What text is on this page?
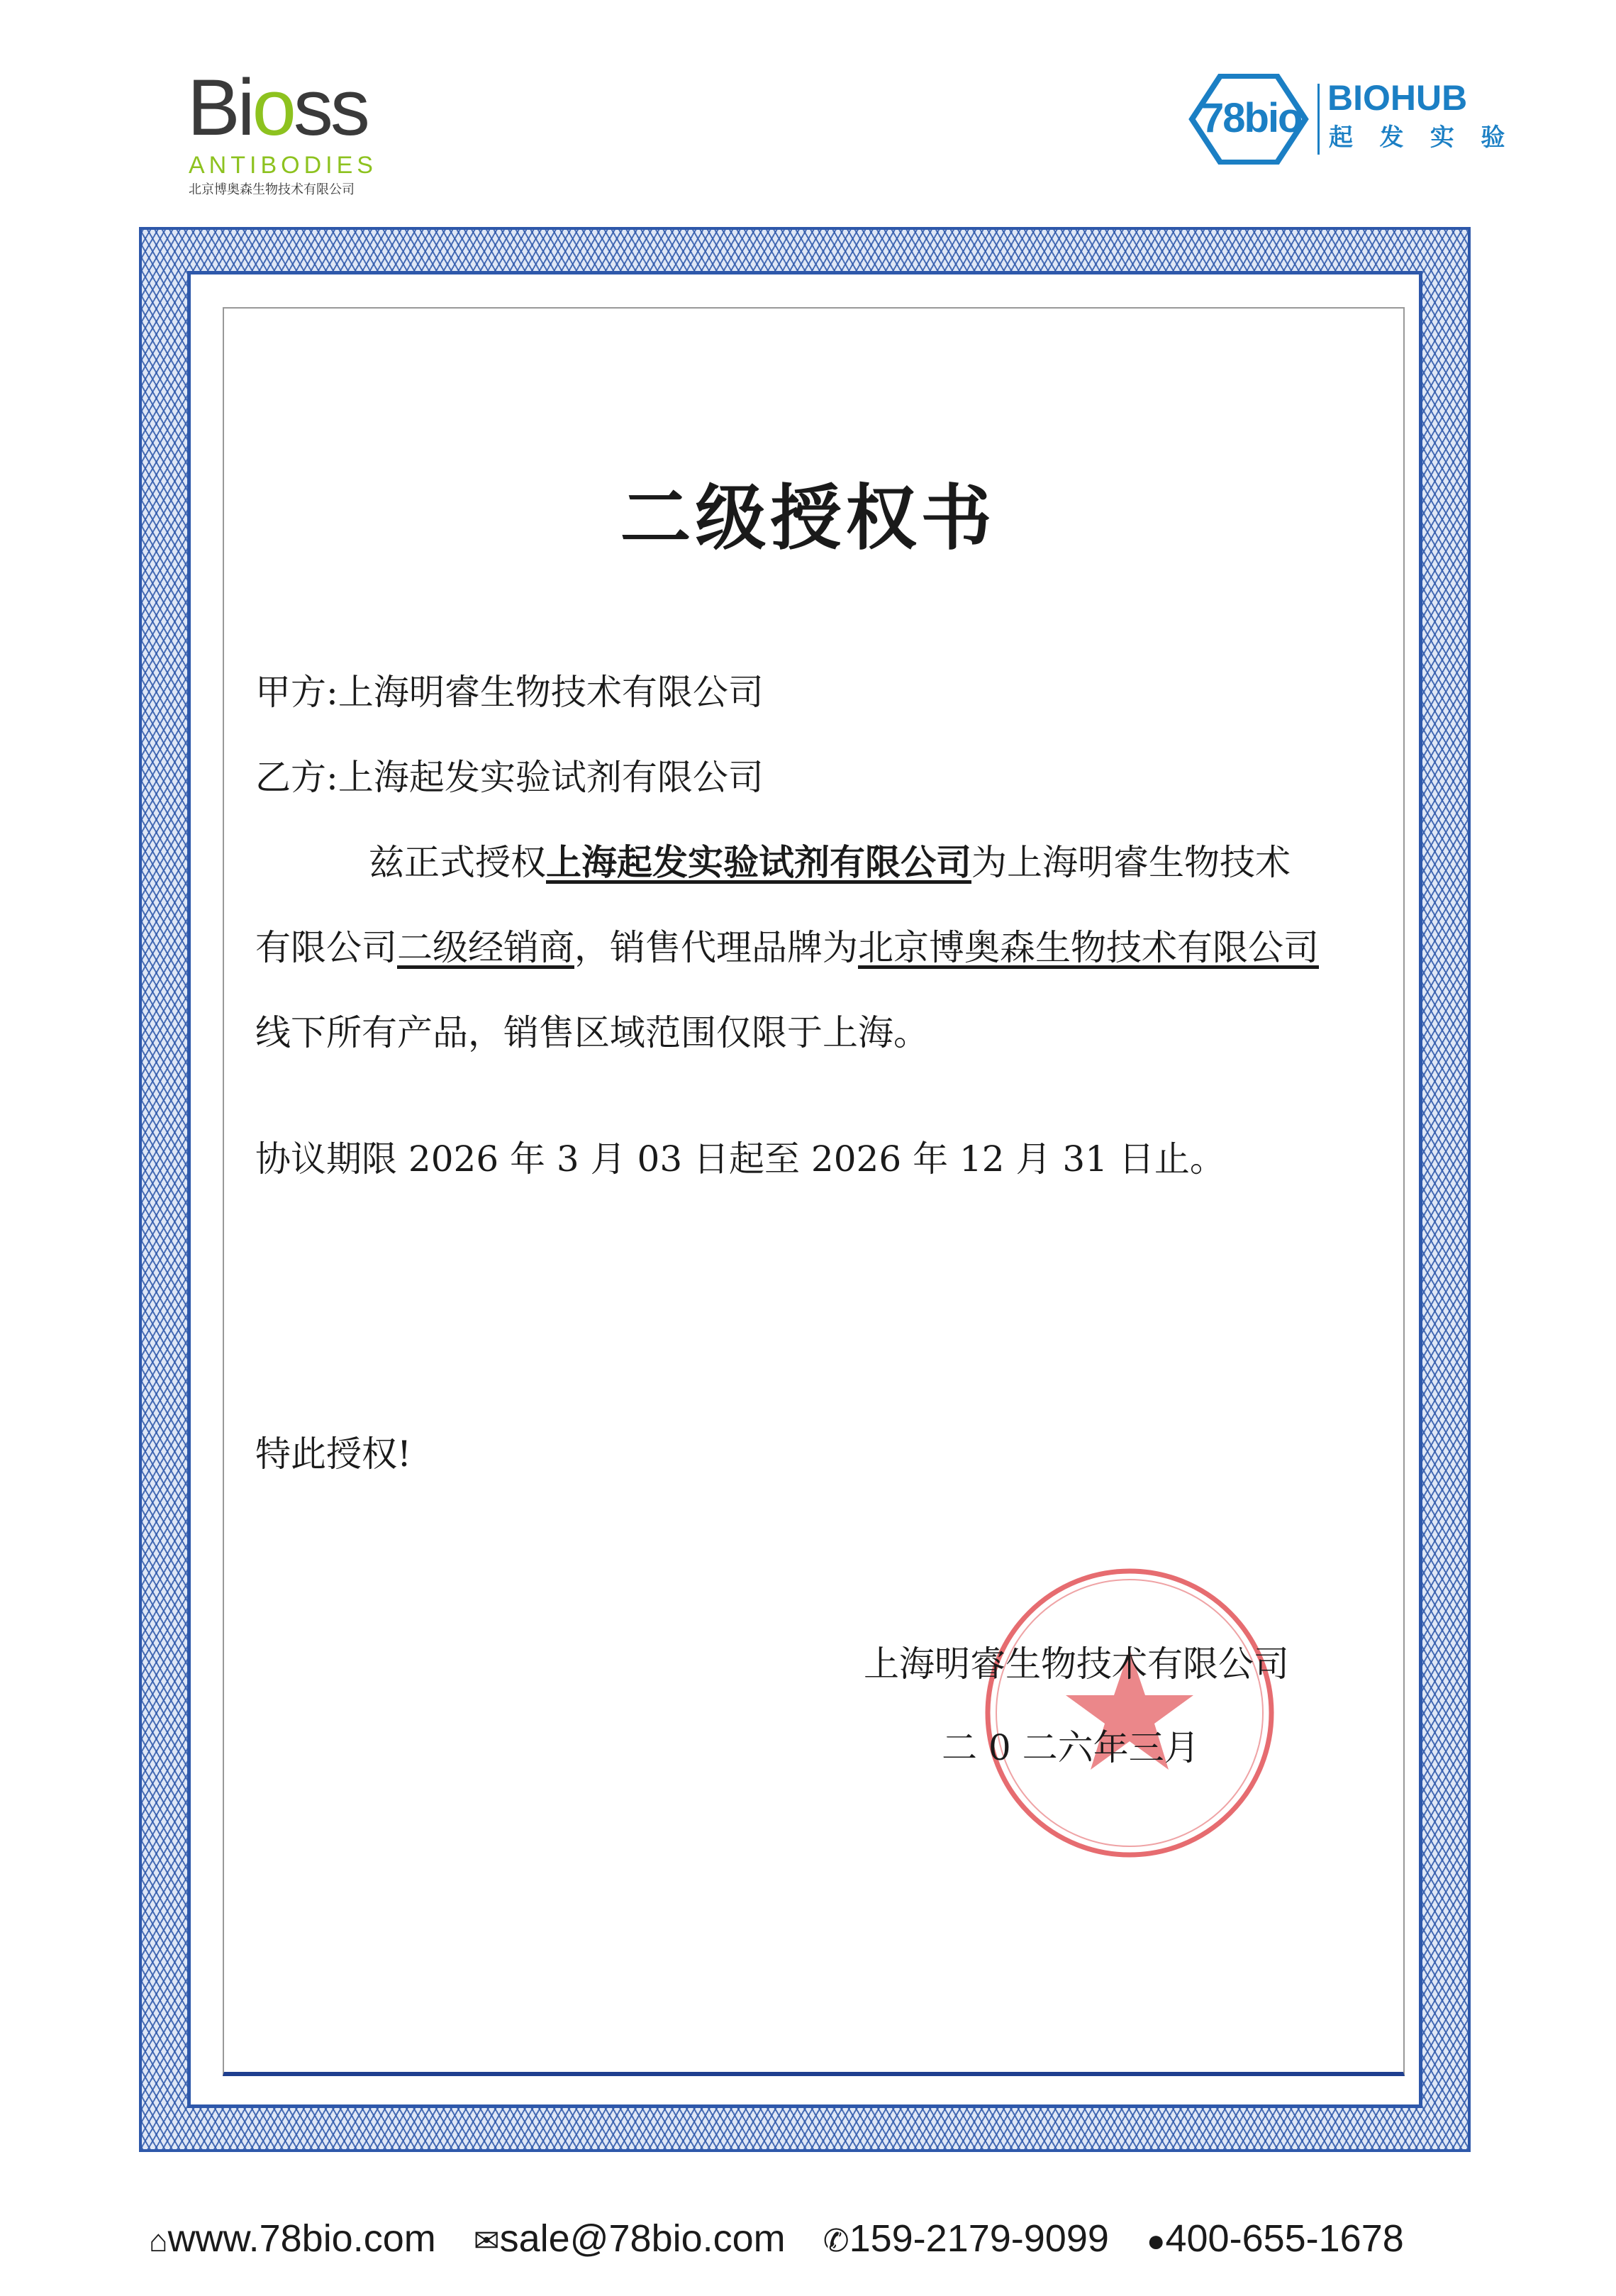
Bioss
ANTIBODIES
北京博奥森生物技术有限公司
78bio BIOHUB
起 发 实 验
二级授权书
甲方:上海明睿生物技术有限公司
乙方:上海起发实验试剂有限公司
兹正式授权上海起发实验试剂有限公司为上海明睿生物技术
有限公司二级经销商，销售代理品牌为北京博奥森生物技术有限公司
线下所有产品，销售区域范围仅限于上海。
协议期限 2026 年 3 月 03 日起至 2026 年 12 月 31 日止。
特此授权!
上海明睿生物技术有限公司
二 0 二六年三月
⌂www.78bio.com ✉sale@78bio.com ✆159-2179-9099 ●400-655-1678
